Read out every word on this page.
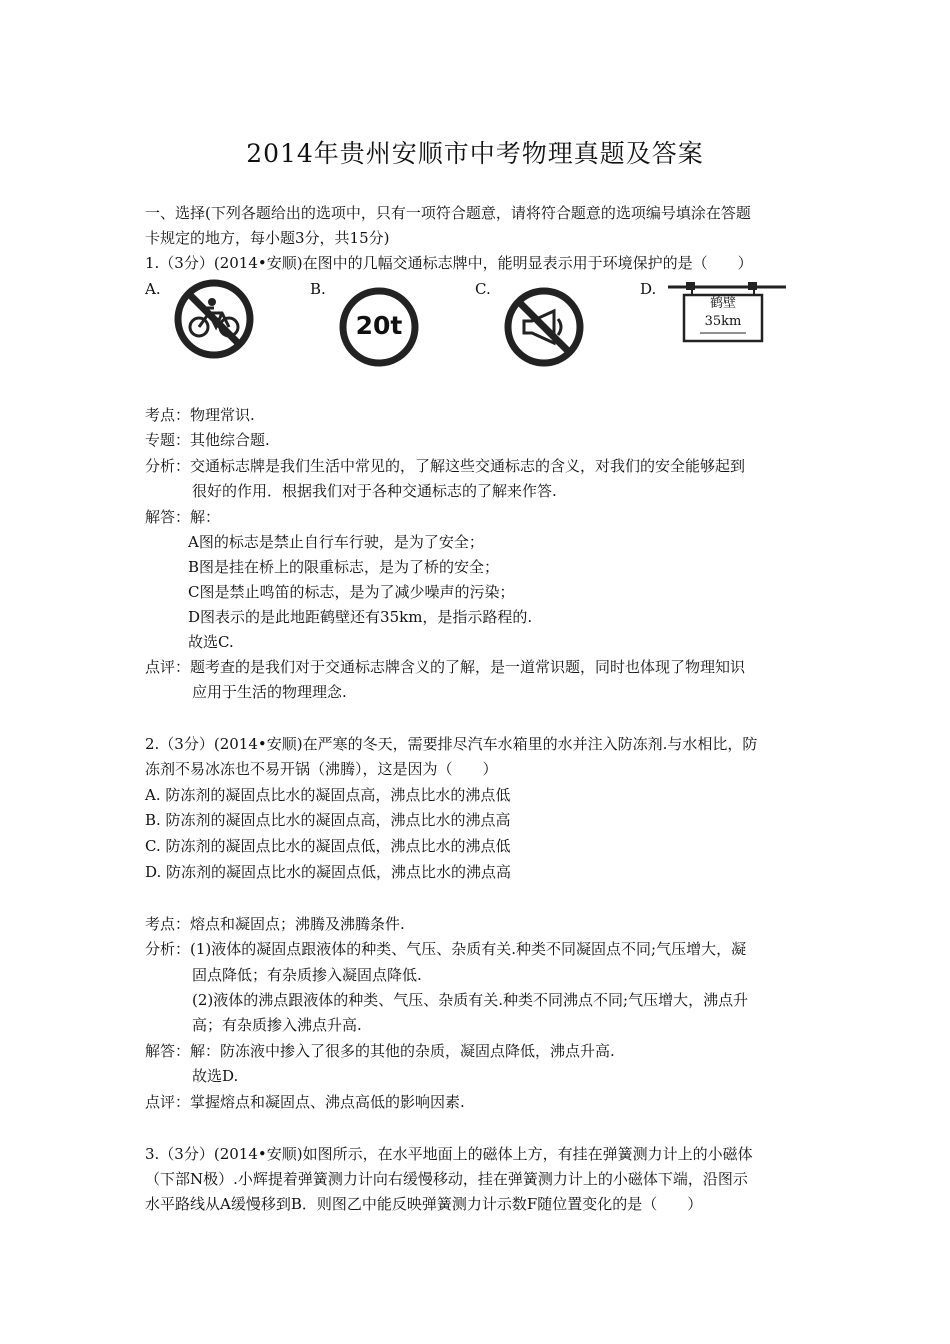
2014年贵州安顺市中考物理真题及答案
一、选择(下列各题给出的选项中，只有一项符合题意，请将符合题意的选项编号填涂在答题
卡规定的地方，每小题3分，共15分)
1.（3分）(2014•安顺)在图中的几幅交通标志牌中，能明显表示用于环境保护的是（　　）
A.	B.	C.	D.
20t
鹤壁
35km
考点：物理常识.
专题：其他综合题.
分析：交通标志牌是我们生活中常见的，了解这些交通标志的含义，对我们的安全能够起到
很好的作用．根据我们对于各种交通标志的了解来作答.
解答：解：
A图的标志是禁止自行车行驶，是为了安全；
B图是挂在桥上的限重标志，是为了桥的安全；
C图是禁止鸣笛的标志，是为了减少噪声的污染；
D图表示的是此地距鹤壁还有35km，是指示路程的.
故选C.
点评：题考查的是我们对于交通标志牌含义的了解，是一道常识题，同时也体现了物理知识
应用于生活的物理理念.
2.（3分）(2014•安顺)在严寒的冬天，需要排尽汽车水箱里的水并注入防冻剂.与水相比，防
冻剂不易冰冻也不易开锅（沸腾），这是因为（　　）
A. 防冻剂的凝固点比水的凝固点高，沸点比水的沸点低
B. 防冻剂的凝固点比水的凝固点高，沸点比水的沸点高
C. 防冻剂的凝固点比水的凝固点低，沸点比水的沸点低
D. 防冻剂的凝固点比水的凝固点低，沸点比水的沸点高
考点：熔点和凝固点；沸腾及沸腾条件.
分析：(1)液体的凝固点跟液体的种类、气压、杂质有关.种类不同凝固点不同;气压增大，凝
固点降低；有杂质掺入凝固点降低.
(2)液体的沸点跟液体的种类、气压、杂质有关.种类不同沸点不同;气压增大，沸点升
高；有杂质掺入沸点升高.
解答：解：防冻液中掺入了很多的其他的杂质，凝固点降低，沸点升高.
故选D.
点评：掌握熔点和凝固点、沸点高低的影响因素.
3.（3分）(2014•安顺)如图所示，在水平地面上的磁体上方，有挂在弹簧测力计上的小磁体
（下部N极）.小辉提着弹簧测力计向右缓慢移动，挂在弹簧测力计上的小磁体下端，沿图示
水平路线从A缓慢移到B．则图乙中能反映弹簧测力计示数F随位置变化的是（　　）
